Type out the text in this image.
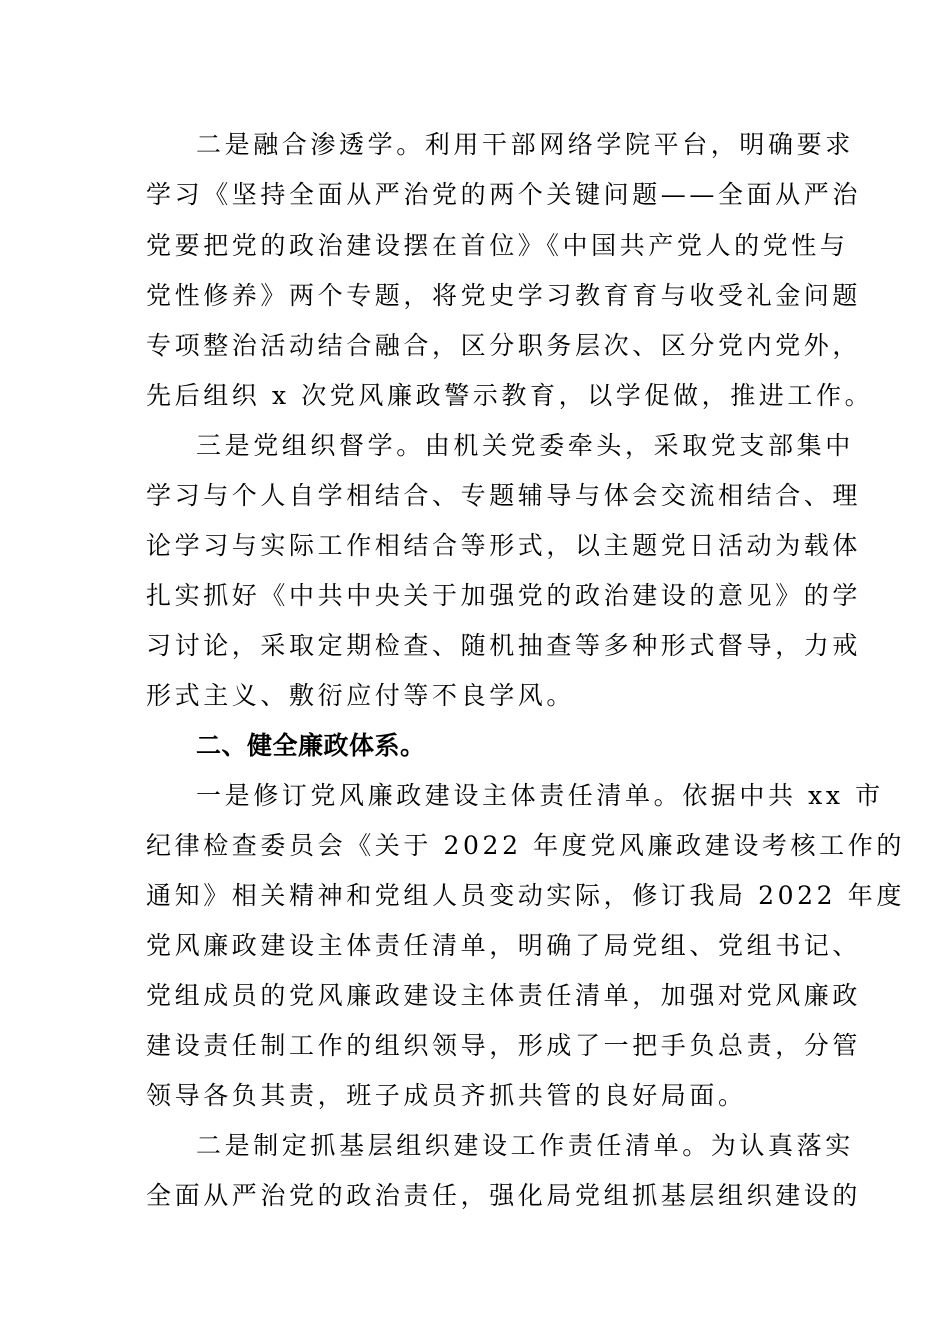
二是融合渗透学。利用干部网络学院平台，明确要求

学习《坚持全面从严治党的两个关键问题——全面从严治

党要把党的政治建设摆在首位》《中国共产党人的党性与

党性修养》两个专题，将党史学习教育育与收受礼金问题

专项整治活动结合融合，区分职务层次、区分党内党外，

先后组织 x 次党风廉政警示教育，以学促做，推进工作。

三是党组织督学。由机关党委牵头，采取党支部集中

学习与个人自学相结合、专题辅导与体会交流相结合、理

论学习与实际工作相结合等形式，以主题党日活动为载体

扎实抓好《中共中央关于加强党的政治建设的意见》的学

习讨论，采取定期检查、随机抽查等多种形式督导，力戒

形式主义、敷衍应付等不良学风。

二、健全廉政体系。

一是修订党风廉政建设主体责任清单。依据中共 xx 市

纪律检查委员会《关于 2022 年度党风廉政建设考核工作的

通知》相关精神和党组人员变动实际，修订我局 2022 年度

党风廉政建设主体责任清单，明确了局党组、党组书记、

党组成员的党风廉政建设主体责任清单，加强对党风廉政

建设责任制工作的组织领导，形成了一把手负总责，分管

领导各负其责，班子成员齐抓共管的良好局面。

二是制定抓基层组织建设工作责任清单。为认真落实

全面从严治党的政治责任，强化局党组抓基层组织建设的
